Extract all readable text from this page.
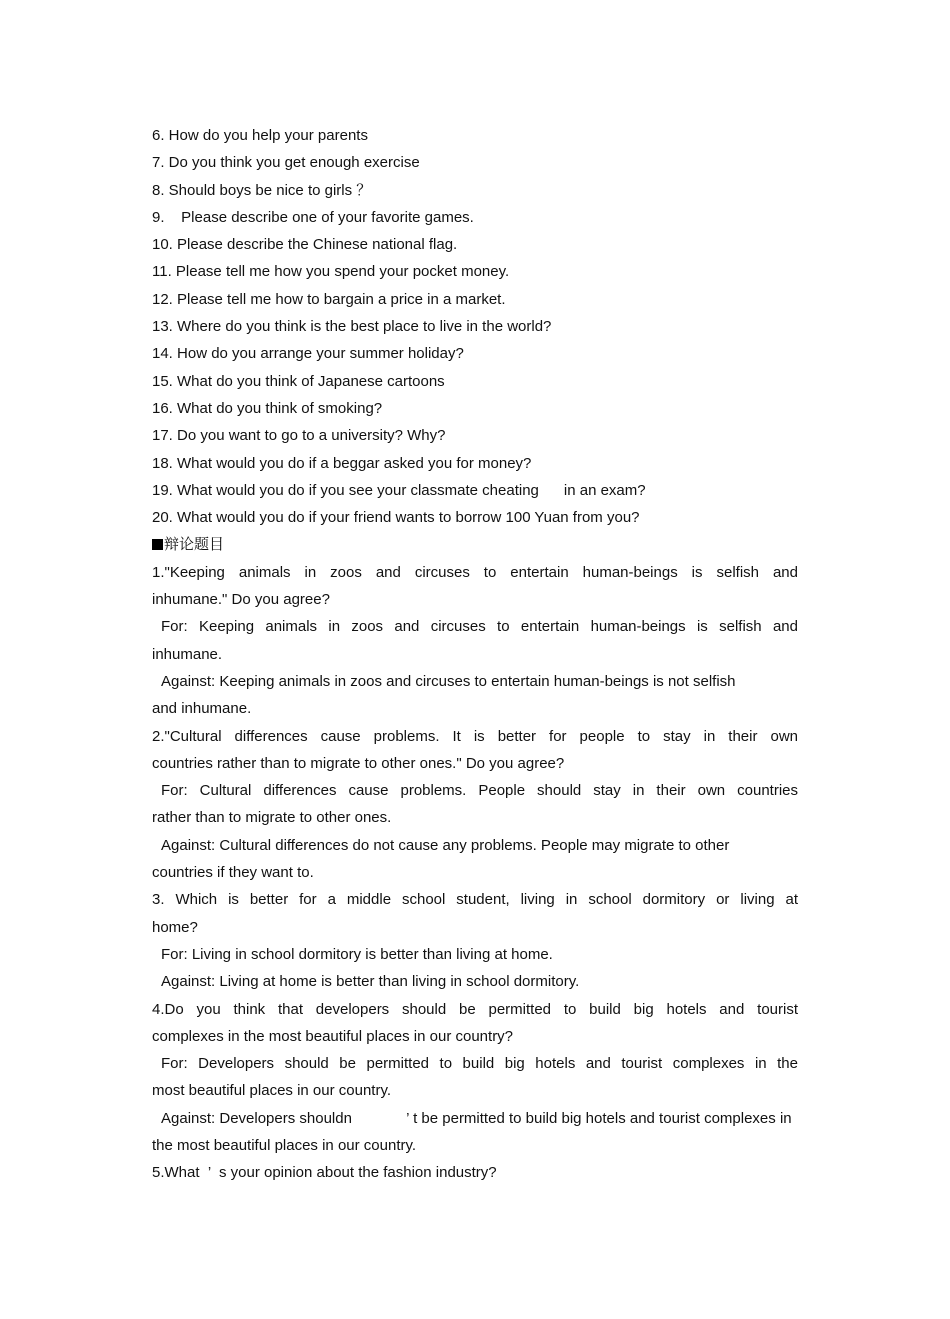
6. How do you help your parents
7. Do you think you get enough exercise
8. Should boys be nice to girls ？
9.    Please describe one of your favorite games.
10. Please describe the Chinese national flag.
11. Please tell me how you spend your pocket money.
12. Please tell me how to bargain a price in a market.
13. Where do you think is the best place to live in the world?
14. How do you arrange your summer holiday?
15. What do you think of Japanese cartoons
16. What do you think of smoking?
17. Do you want to go to a university? Why?
18. What would you do if a beggar asked you for money?
19. What would you do if you see your classmate cheating      in an exam?
20. What would you do if your friend wants to borrow 100 Yuan from you?
辩论题目
1."Keeping animals in zoos and circuses to entertain human-beings is selfish and
inhumane." Do you agree?
For: Keeping animals in zoos and circuses to entertain human-beings is selfish and
inhumane.
Against: Keeping animals in zoos and circuses to entertain human-beings is not selfish
and inhumane.
2."Cultural differences cause problems. It is better for people to stay in their own
countries rather than to migrate to other ones." Do you agree?
For: Cultural differences cause problems. People should stay in their own countries
rather than to migrate to other ones.
Against: Cultural differences do not cause any problems. People may migrate to other
countries if they want to.
3. Which is better for a middle school student, living in school dormitory or living at
home?
For: Living in school dormitory is better than living at home.
Against: Living at home is better than living in school dormitory.
4.Do you think that developers should be permitted to build big hotels and tourist
complexes in the most beautiful places in our country?
For: Developers should be permitted to build big hotels and tourist complexes in the
most beautiful places in our country.
Against: Developers shouldn             ’ t be permitted to build big hotels and tourist complexes in
the most beautiful places in our country.
5.What  ’  s your opinion about the fashion industry?
